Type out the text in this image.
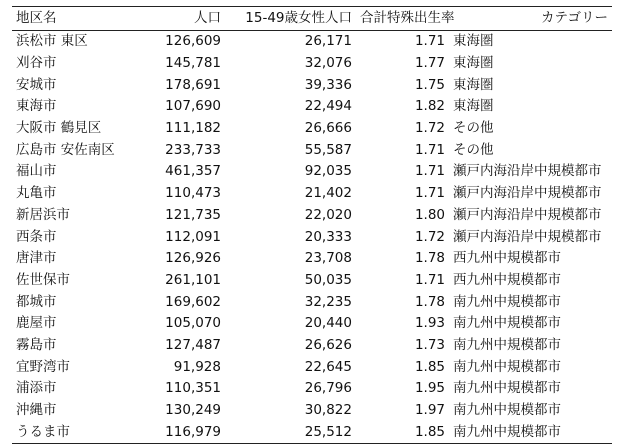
地区名	人口	15-49歳女性人口	合計特殊出生率	カテゴリー
浜松市 東区	126,609	26,171	1.71	東海圏
刈谷市	145,781	32,076	1.77	東海圏
安城市	178,691	39,336	1.75	東海圏
東海市	107,690	22,494	1.82	東海圏
大阪市 鶴見区	111,182	26,666	1.72	その他
広島市 安佐南区	233,733	55,587	1.71	その他
福山市	461,357	92,035	1.71	瀬戸内海沿岸中規模都市
丸亀市	110,473	21,402	1.71	瀬戸内海沿岸中規模都市
新居浜市	121,735	22,020	1.80	瀬戸内海沿岸中規模都市
西条市	112,091	20,333	1.72	瀬戸内海沿岸中規模都市
唐津市	126,926	23,708	1.78	西九州中規模都市
佐世保市	261,101	50,035	1.71	西九州中規模都市
都城市	169,602	32,235	1.78	南九州中規模都市
鹿屋市	105,070	20,440	1.93	南九州中規模都市
霧島市	127,487	26,626	1.73	南九州中規模都市
宜野湾市	91,928	22,645	1.85	南九州中規模都市
浦添市	110,351	26,796	1.95	南九州中規模都市
沖縄市	130,249	30,822	1.97	南九州中規模都市
うるま市	116,979	25,512	1.85	南九州中規模都市
